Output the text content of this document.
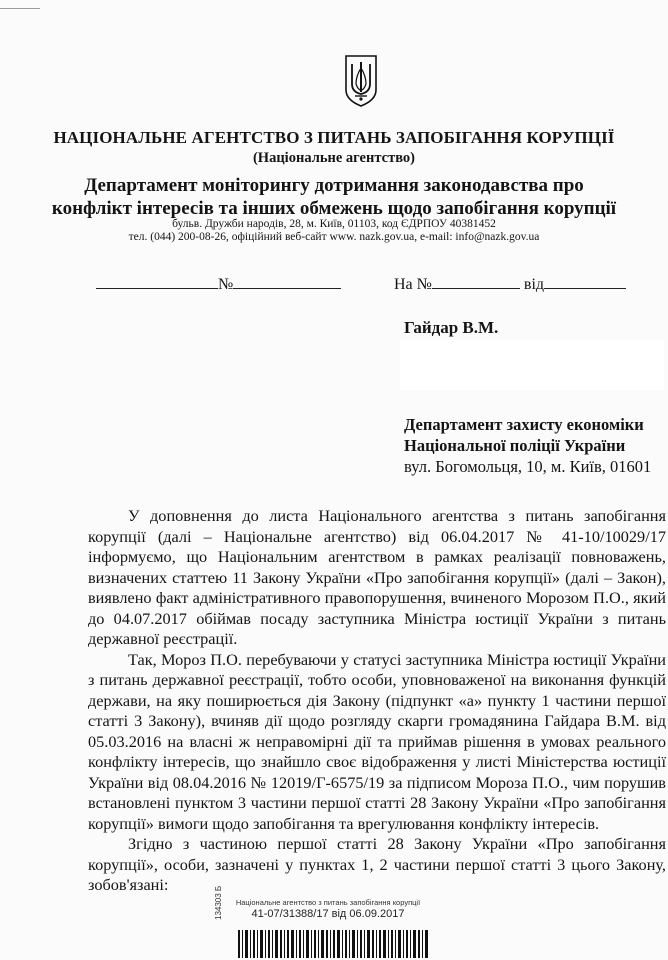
НАЦІОНАЛЬНЕ АГЕНТСТВО З ПИТАНЬ ЗАПОБІГАННЯ КОРУПЦІЇ
(Національне агентство)
Департамент моніторингу дотримання законодавства про
конфлікт інтересів та інших обмежень щодо запобігання корупції
бульв. Дружби народів, 28, м. Київ, 01103, код ЄДРПОУ 40381452
тел. (044) 200-08-26, офіційний веб-сайт www. nazk.gov.ua, e-mail: info@nazk.gov.ua
№	На №	від
Гайдар В.М.
Департамент захисту економіки
Національної поліції України
вул. Богомольця, 10, м. Київ, 01601

У доповнення до листа Національного агентства з питань запобігання корупції (далі – Національне агентство) від 06.04.2017 № 41-10/10029/17 інформуємо, що Національним агентством в рамках реалізації повноважень, визначених статтею 11 Закону України «Про запобігання корупції» (далі – Закон), виявлено факт адміністративного правопорушення, вчиненого Морозом П.О., який до 04.07.2017 обіймав посаду заступника Міністра юстиції України з питань державної реєстрації.

Так, Мороз П.О. перебуваючи у статусі заступника Міністра юстиції України з питань державної реєстрації, тобто особи, уповноваженої на виконання функцій держави, на яку поширюється дія Закону (підпункт «а» пункту 1 частини першої статті 3 Закону), вчиняв дії щодо розгляду скарги громадянина Гайдара В.М. від 05.03.2016 на власні ж неправомірні дії та приймав рішення в умовах реального конфлікту інтересів, що знайшло своє відображення у листі Міністерства юстиції України від 08.04.2016 № 12019/Г-6575/19 за підписом Мороза П.О., чим порушив встановлені пунктом 3 частини першої статті 28 Закону України «Про запобігання корупції» вимоги щодо запобігання та врегулювання конфлікту інтересів.

Згідно з частиною першої статті 28 Закону України «Про запобігання корупції», особи, зазначені у пунктах 1, 2 частини першої статті 3 цього Закону, зобов'язані:

Національне агентство з питань запобігання корупції
41-07/31388/17 від 06.09.2017
134303 Б
